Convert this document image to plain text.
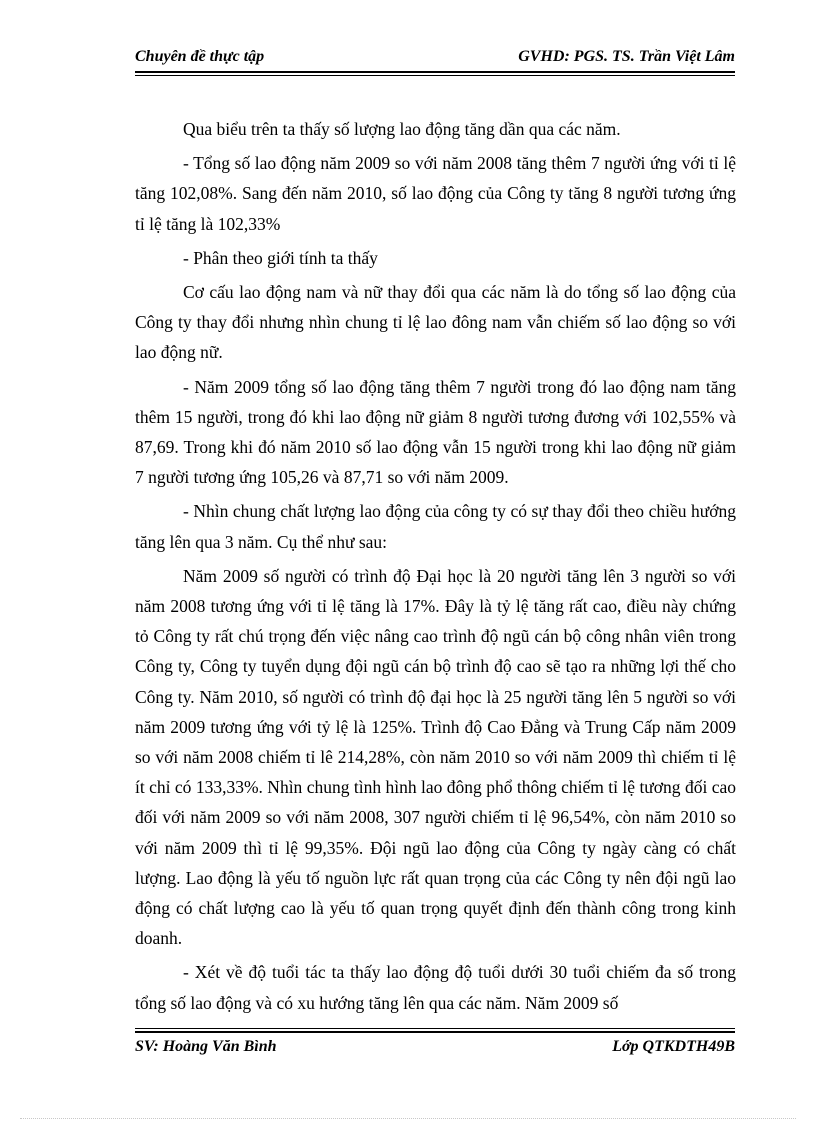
Chuyên đề thực tập	GVHD: PGS. TS. Trần Việt Lâm

Qua biểu trên ta thấy số lượng lao động tăng dần qua các năm.

- Tổng số lao động năm 2009 so với năm 2008 tăng thêm 7 người ứng với tỉ lệ tăng 102,08%. Sang đến năm 2010, số lao động của Công ty tăng 8 người tương ứng tỉ lệ tăng là 102,33%

- Phân theo giới tính ta thấy

Cơ cấu lao động nam và nữ thay đổi qua các năm là do tổng số lao động của Công ty thay đổi nhưng nhìn chung tỉ lệ lao đông nam vẫn chiếm số lao động so với lao động nữ.

- Năm 2009 tổng số lao động tăng thêm 7 người trong đó lao động nam tăng thêm 15 người, trong đó khi lao động nữ giảm 8 người tương đương với 102,55% và 87,69. Trong khi đó năm 2010 số lao động vẫn 15 người trong khi lao động nữ giảm 7 người tương ứng 105,26 và 87,71 so với năm 2009.

- Nhìn chung chất lượng lao động của công ty có sự thay đổi theo chiều hướng tăng lên qua 3 năm. Cụ thể như sau:

Năm 2009 số người có trình độ Đại học là 20 người tăng lên 3 người so với năm 2008 tương ứng với tỉ lệ tăng là 17%. Đây là tỷ lệ tăng rất cao, điều này chứng tỏ Công ty rất chú trọng đến việc nâng cao trình độ ngũ cán bộ công nhân viên trong Công ty, Công ty tuyển dụng đội ngũ cán bộ trình độ cao sẽ tạo ra những lợi thế cho Công ty. Năm 2010, số người có trình độ đại học là 25 người tăng lên 5 người so với năm 2009 tương ứng với tỷ lệ là 125%. Trình độ Cao Đẳng và Trung Cấp năm 2009 so với năm 2008 chiếm tỉ lê 214,28%, còn năm 2010 so với năm 2009 thì chiếm tỉ lệ ít chỉ có 133,33%. Nhìn chung tình hình lao đông phổ thông chiếm tỉ lệ tương đối cao đối với năm 2009 so với năm 2008, 307 người chiếm tỉ lệ 96,54%, còn năm 2010 so với năm 2009 thì tỉ lệ 99,35%. Đội ngũ lao động của Công ty ngày càng có chất lượng. Lao động là yếu tố nguồn lực rất quan trọng của các Công ty nên đội ngũ lao động có chất lượng cao là yếu tố quan trọng quyết định đến thành công trong kinh doanh.

- Xét về độ tuổi tác ta thấy lao động độ tuổi dưới 30 tuổi chiếm đa số trong tổng số lao động và có xu hướng tăng lên qua các năm. Năm 2009 số

SV: Hoàng Văn Bình	Lớp QTKDTH49B
